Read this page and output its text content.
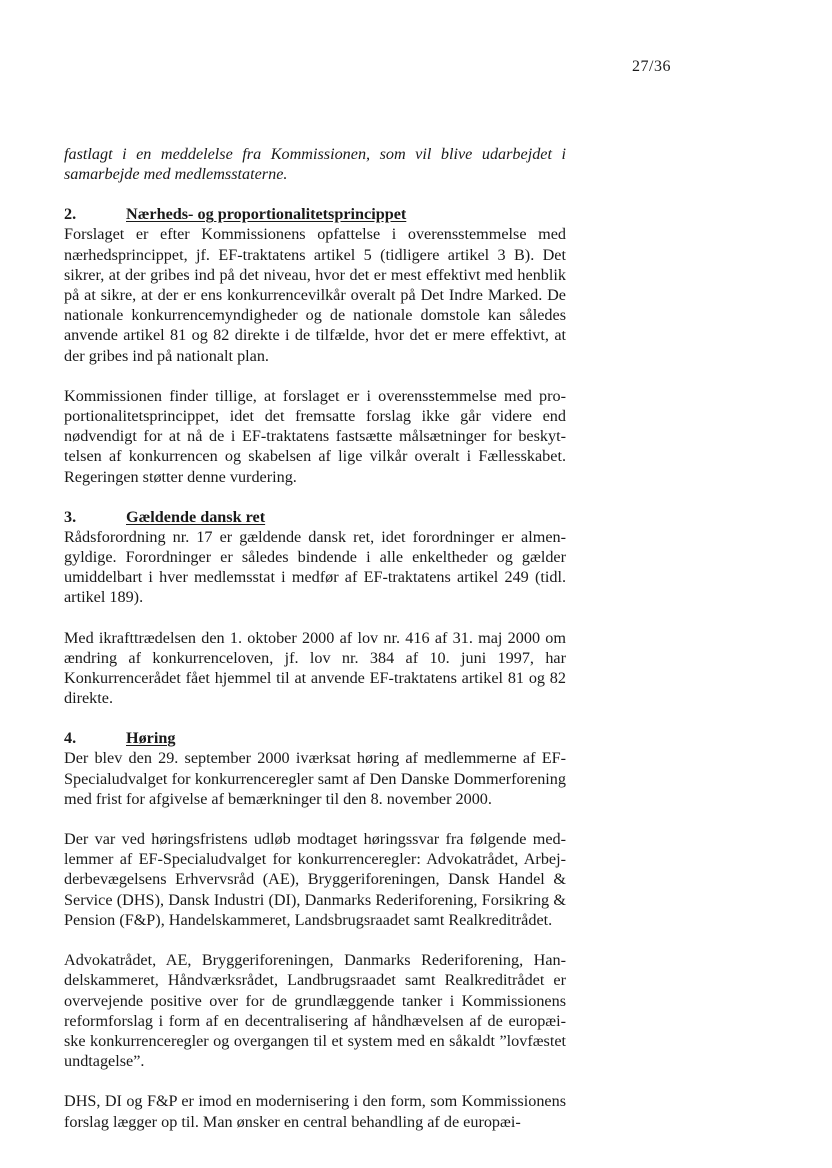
27/36

fastlagt i en meddelelse fra Kommissionen, som vil blive udarbejdet i samarbejde med medlemsstaterne.

2.	Nærheds- og proportionalitetsprincippet

Forslaget er efter Kommissionens opfattelse i overensstemmelse med nærhedsprincippet, jf. EF-traktatens artikel 5 (tidligere artikel 3 B). Det sikrer, at der gribes ind på det niveau, hvor det er mest effektivt med henblik på at sikre, at der er ens konkurrencevilkår overalt på Det Indre Marked. De nationale konkurrencemyndigheder og de nationale domstole kan således anvende artikel 81 og 82 direkte i de tilfælde, hvor det er mere effektivt, at der gribes ind på nationalt plan.

Kommissionen finder tillige, at forslaget er i overensstemmelse med proportionalitetsprincippet, idet det fremsatte forslag ikke går videre end nødvendigt for at nå de i EF-traktatens fastsætte målsætninger for beskyttelsen af konkurrencen og skabelsen af lige vilkår overalt i Fællesskabet. Regeringen støtter denne vurdering.

3.	Gældende dansk ret

Rådsforordning nr. 17 er gældende dansk ret, idet forordninger er almengyldige. Forordninger er således bindende i alle enkeltheder og gælder umiddelbart i hver medlemsstat i medfør af EF-traktatens artikel 249 (tidl. artikel 189).

Med ikrafttrædelsen den 1. oktober 2000 af lov nr. 416 af 31. maj 2000 om ændring af konkurrenceloven, jf. lov nr. 384 af 10. juni 1997, har Konkurrencerådet fået hjemmel til at anvende EF-traktatens artikel 81 og 82 direkte.

4.	Høring

Der blev den 29. september 2000 iværksat høring af medlemmerne af EF-Specialudvalget for konkurrenceregler samt af Den Danske Dommerforening med frist for afgivelse af bemærkninger til den 8. november 2000.

Der var ved høringsfristens udløb modtaget høringssvar fra følgende medlemmer af EF-Specialudvalget for konkurrenceregler: Advokatrådet, Arbejderbevægelsens Erhvervsråd (AE), Bryggeriforeningen, Dansk Handel & Service (DHS), Dansk Industri (DI), Danmarks Rederiforening, Forsikring & Pension (F&P), Handelskammeret, Landsbrugsraadet samt Realkreditrådet.

Advokatrådet, AE, Bryggeriforeningen, Danmarks Rederiforening, Handelskammeret, Håndværksrådet, Landbrugsraadet samt Realkreditrådet er overvejende positive over for de grundlæggende tanker i Kommissionens reformforslag i form af en decentralisering af håndhævelsen af de europæiske konkurrenceregler og overgangen til et system med en såkaldt ”lovfæstet undtagelse”.

DHS, DI og F&P er imod en modernisering i den form, som Kommissionens forslag lægger op til. Man ønsker en central behandling af de europæi-
